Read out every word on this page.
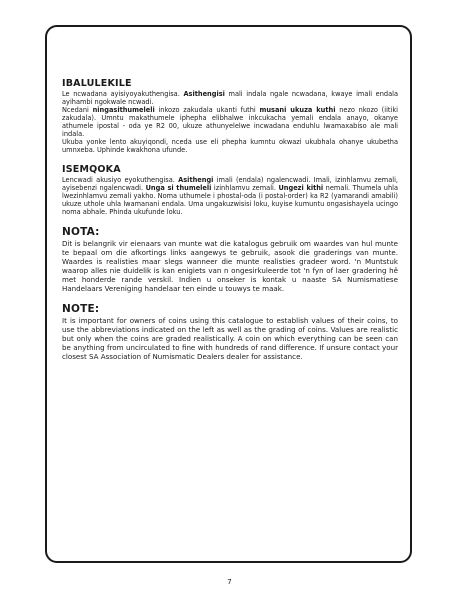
IBALULEKILE

Le ncwadana ayisiyoyakuthengisa. Asithengisi mali indala ngale ncwadana, kwaye imali endala ayihambi ngokwale ncwadi.

Ncedani ningasithumeleli inkozo zakudala ukanti futhi musani ukuza kuthi nezo nkozo (iitiki zakudala). Umntu makathumele iphepha elibhalwe inkcukacha yemali endala anayo, okanye athumele ipostal - oda ye R2 00, ukuze athunyelelwe incwadana enduhlu lwamaxabiso ale mali indala.

Ukuba yonke lento akuyiqondi, nceda use eli phepha kumntu okwazi ukubhala ohanye ukubetha umnxeba. Uphinde kwakhona ufunde.

ISEMQOKA

Lencwadi akusiyo eyokuthengisa. Asithengi imali (endala) ngalencwadi. Imali, izinhlamvu zemali, ayisebenzi ngalencwadi. Unga si thumeleli izinhlamvu zemali. Ungezi kithi nemali. Thumela uhla lwezinhlamvu zemali yakho. Noma uthumele i phostal-oda (i postal-order) ka R2 (yamarandi amabili) ukuze uthole uhla lwamanani endala. Uma ungakuzwisisi loku, kuyise kumuntu ongasishayela ucingo noma abhale. Phinda ukufunde loku.

NOTA:

Dit is belangrik vir eienaars van munte wat die katalogus gebruik om waardes van hul munte te bepaal om die afkortings links aangewys te gebruik, asook die graderings van munte. Waardes is realisties maar slegs wanneer die munte realisties gradeer word. 'n Muntstuk waarop alles nie duidelik is kan enigiets van n ongesirkuleerde tot 'n fyn of laer gradering hê met honderde rande verskil. Indien u onseker is kontak u naaste SA Numismatiese Handelaars Vereniging handelaar ten einde u touwys te maak.

NOTE:

It is important for owners of coins using this catalogue to establish values of their coins, to use the abbreviations indicated on the left as well as the grading of coins. Values are realistic but only when the coins are graded realistically. A coin on which everything can be seen can be anything from uncirculated to fine with hundreds of rand difference. If unsure contact your closest SA Association of Numismatic Dealers dealer for assistance.

7
